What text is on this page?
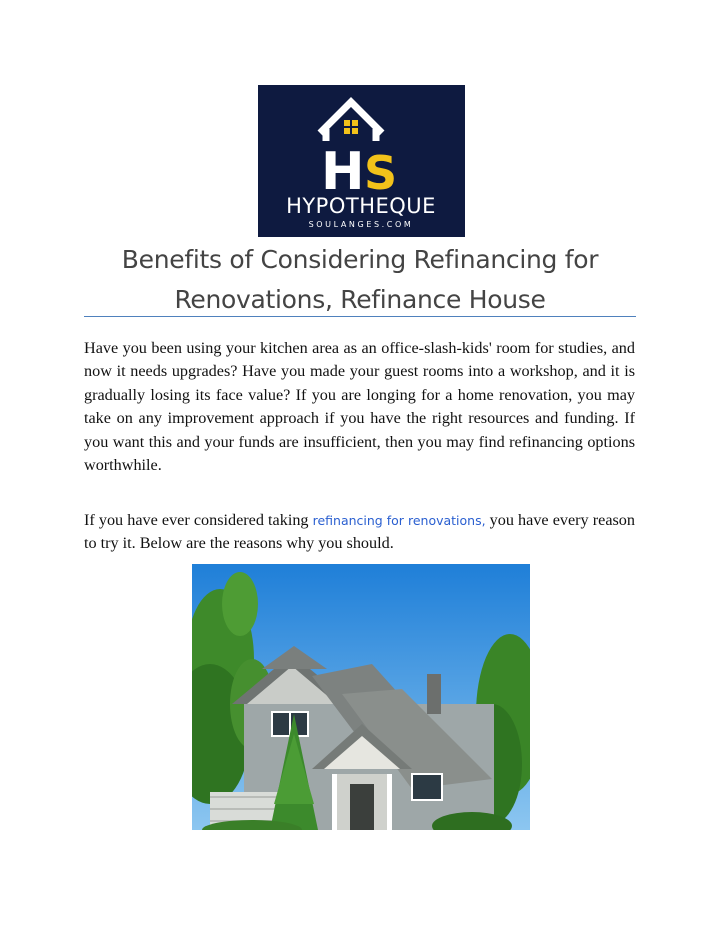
H S
HYPOTHEQUE
SOULANGES.COM
Benefits of Considering Refinancing for
Renovations, Refinance House

Have you been using your kitchen area as an office-slash-kids' room for studies, and now it needs upgrades? Have you made your guest rooms into a workshop, and it is gradually losing its face value? If you are longing for a home renovation, you may take on any improvement approach if you have the right resources and funding. If you want this and your funds are insufficient, then you may find refinancing options worthwhile.

If you have ever considered taking refinancing for renovations, you have every reason to try it. Below are the reasons why you should.
